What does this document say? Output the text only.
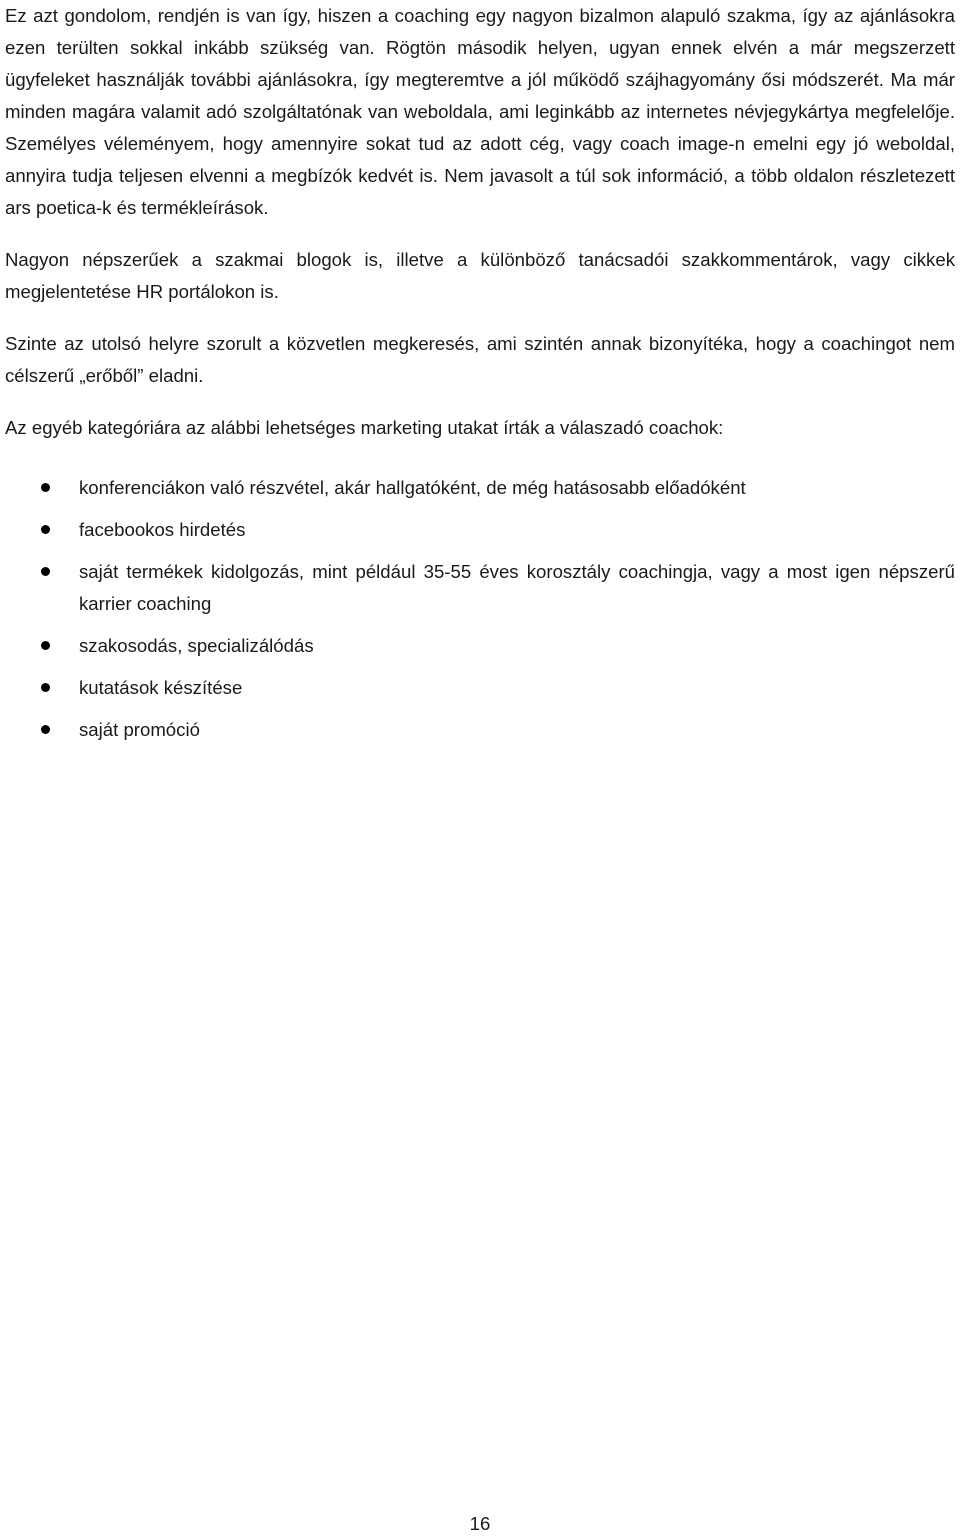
Ez azt gondolom, rendjén is van így, hiszen a coaching egy nagyon bizalmon alapuló szakma, így az ajánlásokra ezen terülten sokkal inkább szükség van. Rögtön második helyen, ugyan ennek elvén a már megszerzett ügyfeleket használják további ajánlásokra, így megteremtve a jól működő szájhagyomány ősi módszerét. Ma már minden magára valamit adó szolgáltatónak van weboldala, ami leginkább az internetes névjegykártya megfelelője. Személyes véleményem, hogy amennyire sokat tud az adott cég, vagy coach image-n emelni egy jó weboldal, annyira tudja teljesen elvenni a megbízók kedvét is. Nem javasolt a túl sok információ, a több oldalon részletezett ars poetica-k és termékleírások.

Nagyon népszerűek a szakmai blogok is, illetve a különböző tanácsadói szakkommentárok, vagy cikkek megjelentetése HR portálokon is.

Szinte az utolsó helyre szorult a közvetlen megkeresés, ami szintén annak bizonyítéka, hogy a coachingot nem célszerű „erőből” eladni.

Az egyéb kategóriára az alábbi lehetséges marketing utakat írták a válaszadó coachok:

konferenciákon való részvétel, akár hallgatóként, de még hatásosabb előadóként
facebookos hirdetés
saját termékek kidolgozás, mint például 35-55 éves korosztály coachingja, vagy a most igen népszerű karrier coaching
szakosodás, specializálódás
kutatások készítése
saját promóció
16
